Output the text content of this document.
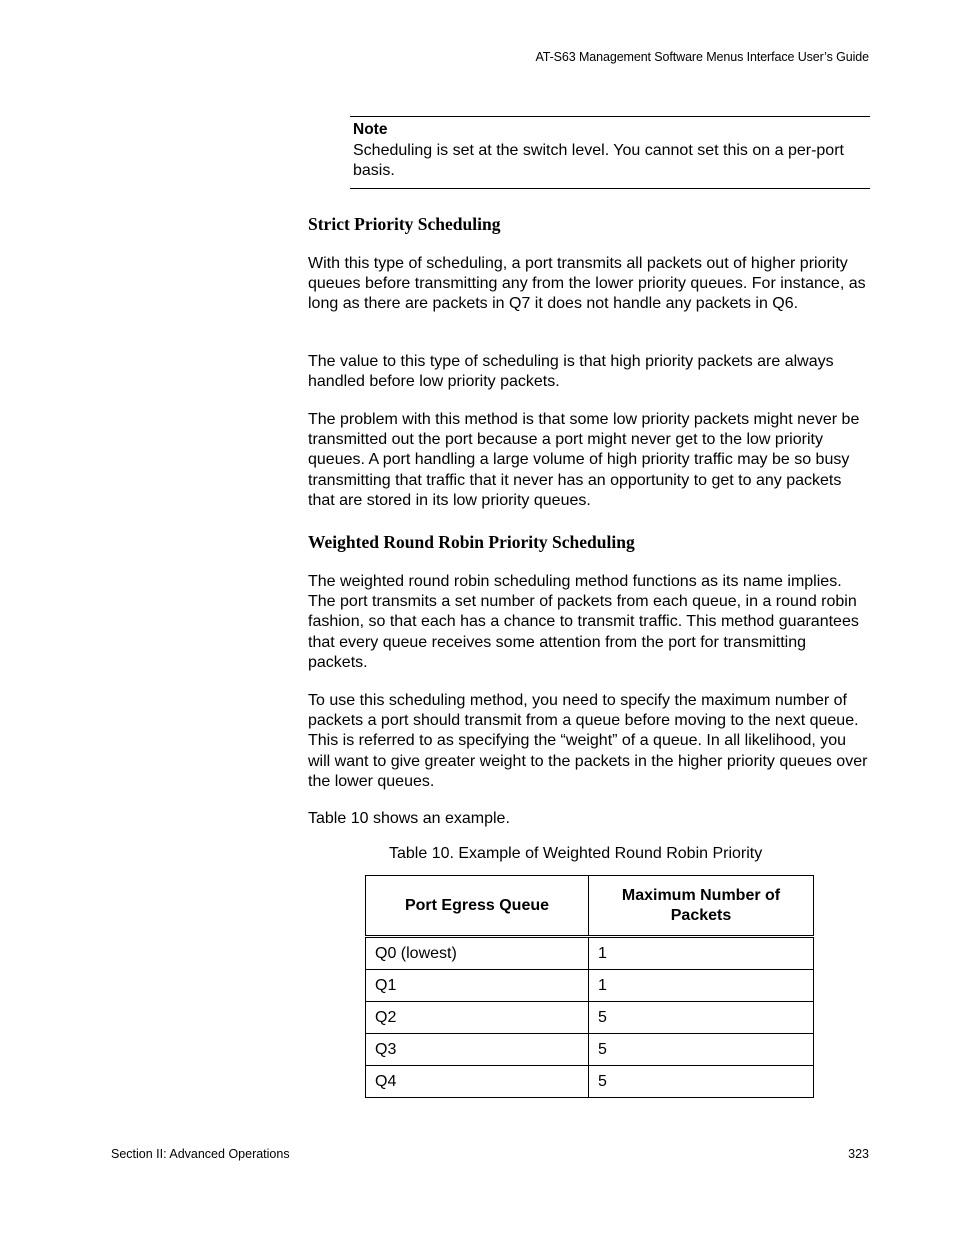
AT-S63 Management Software Menus Interface User’s Guide
Note
Scheduling is set at the switch level. You cannot set this on a per-port basis.
Strict Priority Scheduling
With this type of scheduling, a port transmits all packets out of higher priority queues before transmitting any from the lower priority queues. For instance, as long as there are packets in Q7 it does not handle any packets in Q6.
The value to this type of scheduling is that high priority packets are always handled before low priority packets.
The problem with this method is that some low priority packets might never be transmitted out the port because a port might never get to the low priority queues. A port handling a large volume of high priority traffic may be so busy transmitting that traffic that it never has an opportunity to get to any packets that are stored in its low priority queues.
Weighted Round Robin Priority Scheduling
The weighted round robin scheduling method functions as its name implies. The port transmits a set number of packets from each queue, in a round robin fashion, so that each has a chance to transmit traffic. This method guarantees that every queue receives some attention from the port for transmitting packets.
To use this scheduling method, you need to specify the maximum number of packets a port should transmit from a queue before moving to the next queue. This is referred to as specifying the “weight” of a queue. In all likelihood, you will want to give greater weight to the packets in the higher priority queues over the lower queues.
Table 10 shows an example.
Table 10. Example of Weighted Round Robin Priority
Port Egress Queue	Maximum Number of Packets
Q0 (lowest)	1
Q1	1
Q2	5
Q3	5
Q4	5
Section II: Advanced Operations	323
